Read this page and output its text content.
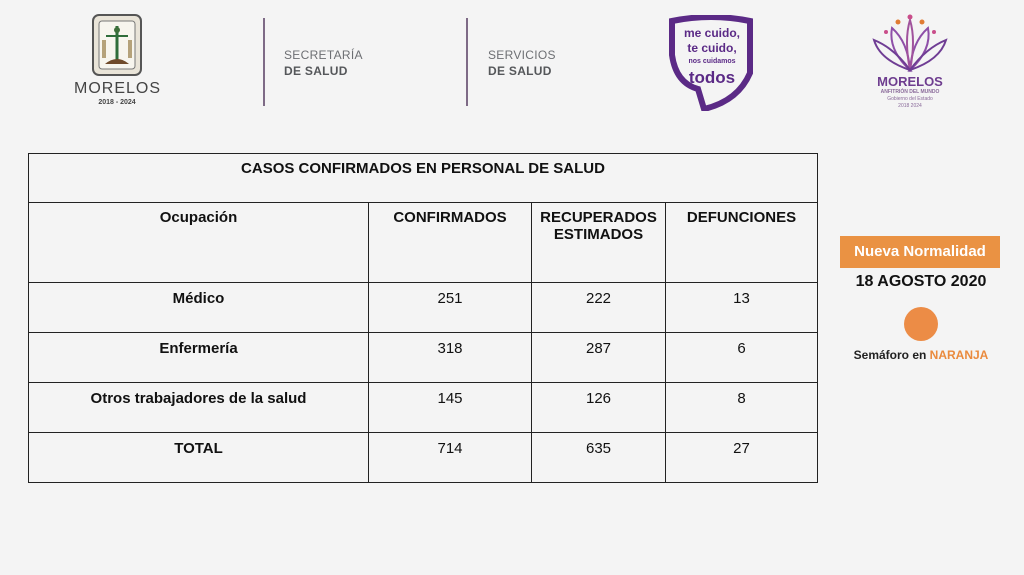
MORELOS
2018 - 2024
SECRETARÍA
DE SALUD
SERVICIOS
DE SALUD
me cuido,
te cuido,
nos cuidamos
todos	MORELOS
ANFITRIÓN DEL MUNDO
Gobierno del Estado
2018 2024
CASOS CONFIRMADOS EN PERSONAL DE SALUD			
Ocupación	CONFIRMADOS	RECUPERADOS ESTIMADOS	DEFUNCIONES
Médico	251	222	13
Enfermería	318	287	6
Otros trabajadores de la salud	145	126	8
TOTAL	714	635	27
Nueva Normalidad
18 AGOSTO 2020
Semáforo en NARANJA
